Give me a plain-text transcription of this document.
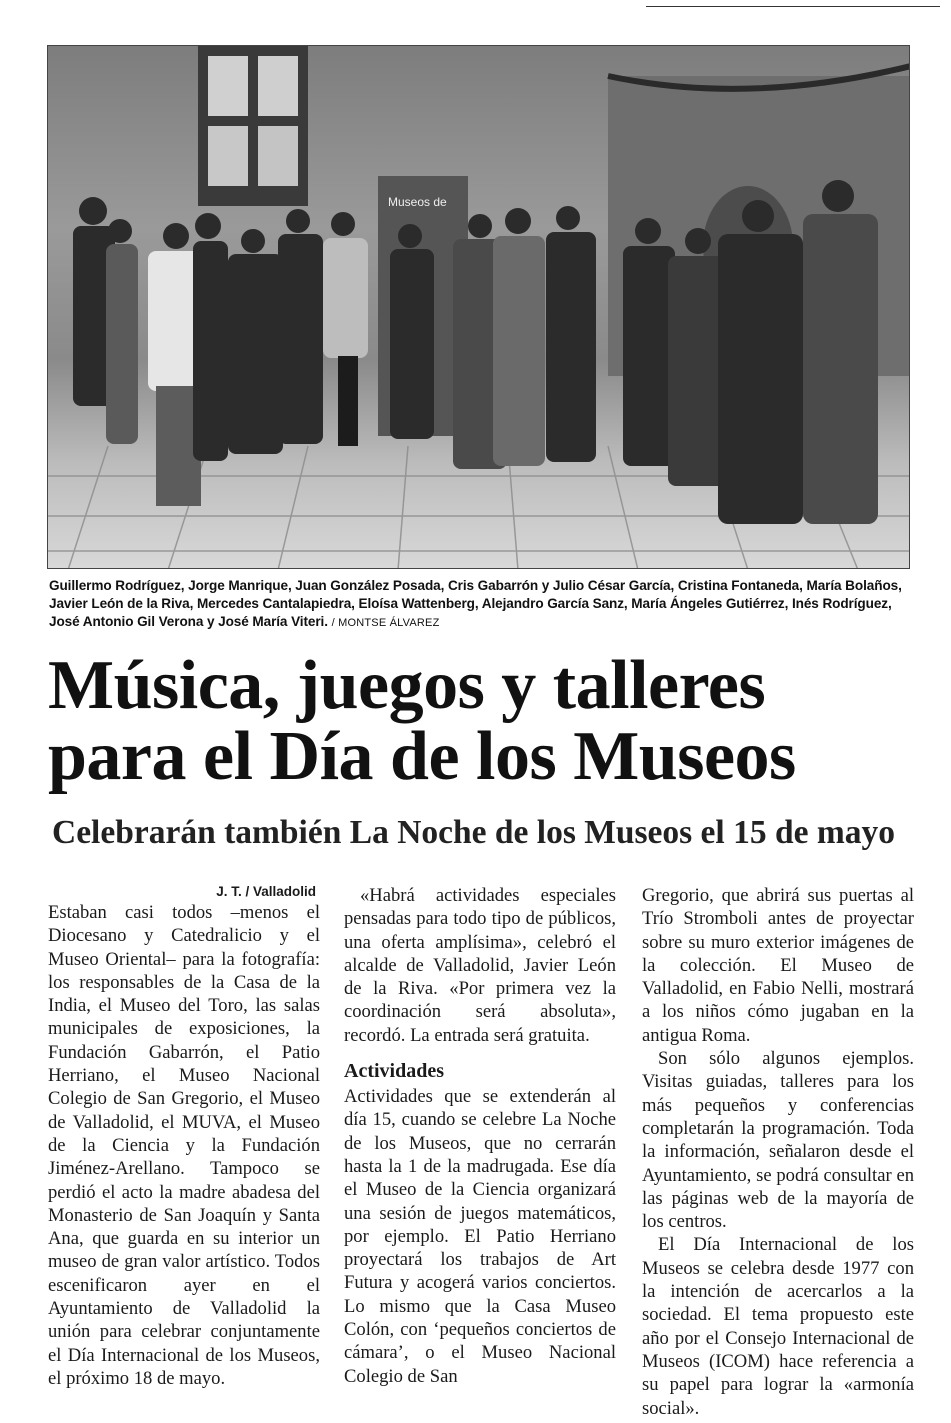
Museos de
Guillermo Rodríguez, Jorge Manrique, Juan González Posada, Cris Gabarrón y Julio César García, Cristina Fontaneda, María Bolaños, Javier León de la Riva, Mercedes Cantalapiedra, Eloísa Wattenberg, Alejandro García Sanz, María Ángeles Gutiérrez, Inés Rodríguez, José Antonio Gil Verona y José María Viteri. / MONTSE ÁLVAREZ
Música, juegos y talleres
para el Día de los Museos
Celebrarán también La Noche de los Museos el 15 de mayo
J. T. / Valladolid

Estaban casi todos –menos el Diocesano y Catedralicio y el Museo Oriental– para la fotografía: los responsables de la Casa de la India, el Museo del Toro, las salas municipales de exposiciones, la Fundación Gabarrón, el Patio Herriano, el Museo Nacional Colegio de San Gregorio, el Museo de Valladolid, el MUVA, el Museo de la Ciencia y la Fundación Jiménez-Arellano. Tampoco se perdió el acto la madre abadesa del Monasterio de San Joaquín y Santa Ana, que guarda en su interior un museo de gran valor artístico. Todos escenificaron ayer en el Ayuntamiento de Valladolid la unión para celebrar conjuntamente el Día Internacional de los Museos, el próximo 18 de mayo.

«Habrá actividades especiales pensadas para todo tipo de públicos, una oferta amplísima», celebró el alcalde de Valladolid, Javier León de la Riva. «Por primera vez la coordinación será absoluta», recordó. La entrada será gratuita.

Actividades

Actividades que se extenderán al día 15, cuando se celebre La Noche de los Museos, que no cerrarán hasta la 1 de la madrugada. Ese día el Museo de la Ciencia organizará una sesión de juegos matemáticos, por ejemplo. El Patio Herriano proyectará los trabajos de Art Futura y acogerá varios conciertos. Lo mismo que la Casa Museo Colón, con ‘pequeños conciertos de cámara’, o el Museo Nacional Colegio de San

Gregorio, que abrirá sus puertas al Trío Stromboli antes de proyectar sobre su muro exterior imágenes de la colección. El Museo de Valladolid, en Fabio Nelli, mostrará a los niños cómo jugaban en la antigua Roma.

Son sólo algunos ejemplos. Visitas guiadas, talleres para los más pequeños y conferencias completarán la programación. Toda la información, señalaron desde el Ayuntamiento, se podrá consultar en las páginas web de la mayoría de los centros.

El Día Internacional de los Museos se celebra desde 1977 con la intención de acercarlos a la sociedad. El tema propuesto este año por el Consejo Internacional de Museos (ICOM) hace referencia a su papel para lograr la «armonía social».
